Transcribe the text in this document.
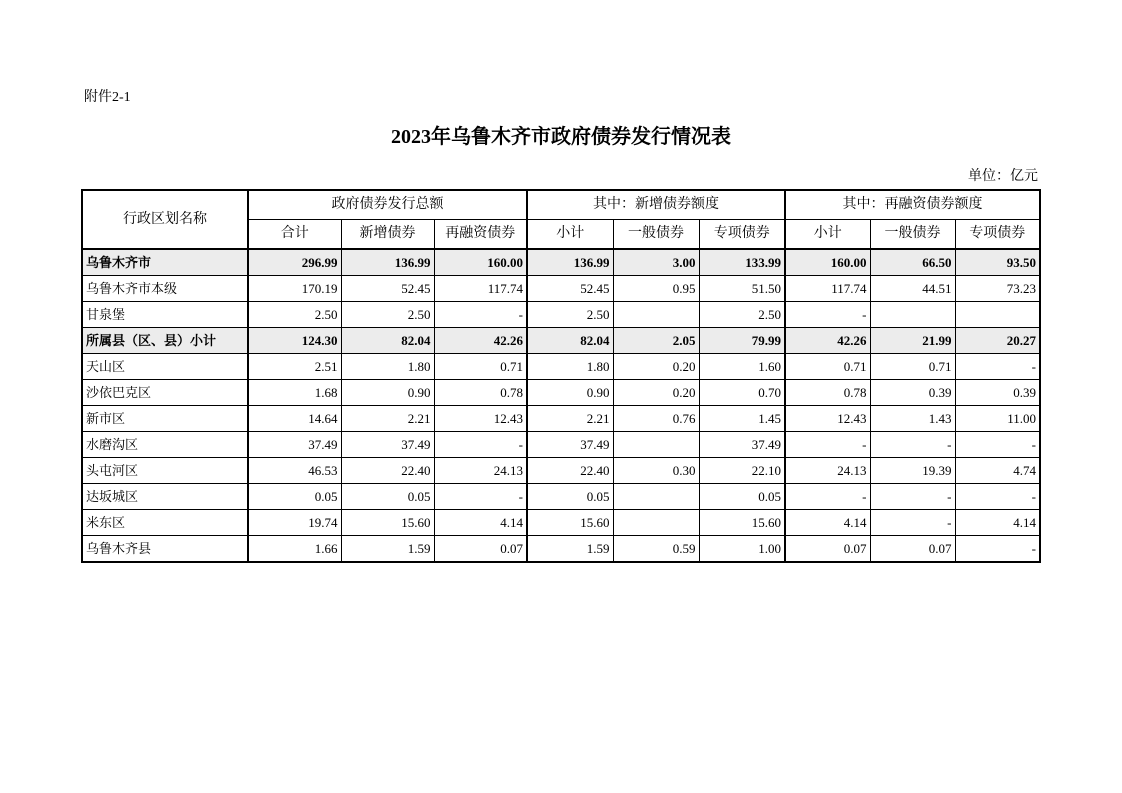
附件2-1
2023年乌鲁木齐市政府债券发行情况表
单位：亿元
行政区划名称	政府债券发行总额			其中：新增债券额度			其中：再融资债券额度		
	合计	新增债券	再融资债券	小计	一般债券	专项债券	小计	一般债券	专项债券
乌鲁木齐市	296.99	136.99	160.00	136.99	3.00	133.99	160.00	66.50	93.50
乌鲁木齐市本级	170.19	52.45	117.74	52.45	0.95	51.50	117.74	44.51	73.23
甘泉堡	2.50	2.50	-	2.50		2.50	-		
所属县（区、县）小计	124.30	82.04	42.26	82.04	2.05	79.99	42.26	21.99	20.27
天山区	2.51	1.80	0.71	1.80	0.20	1.60	0.71	0.71	-
沙依巴克区	1.68	0.90	0.78	0.90	0.20	0.70	0.78	0.39	0.39
新市区	14.64	2.21	12.43	2.21	0.76	1.45	12.43	1.43	11.00
水磨沟区	37.49	37.49	-	37.49		37.49	-	-	-
头屯河区	46.53	22.40	24.13	22.40	0.30	22.10	24.13	19.39	4.74
达坂城区	0.05	0.05	-	0.05		0.05	-	-	-
米东区	19.74	15.60	4.14	15.60		15.60	4.14	-	4.14
乌鲁木齐县	1.66	1.59	0.07	1.59	0.59	1.00	0.07	0.07	-
